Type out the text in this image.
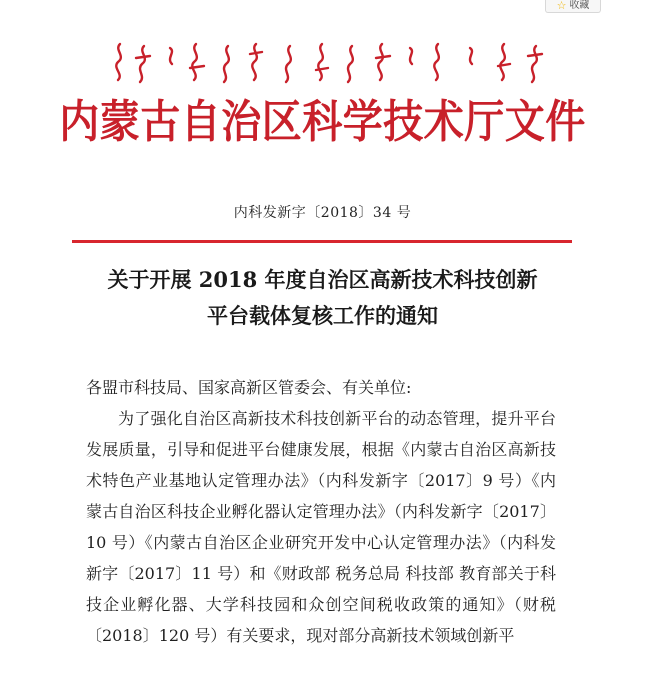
☆ 收藏
内蒙古自治区科学技术厅文件
内科发新字〔2018〕34 号
关于开展 2018 年度自治区高新技术科技创新
平台载体复核工作的通知

各盟市科技局、国家高新区管委会、有关单位:

为了强化自治区高新技术科技创新平台的动态管理，提升平台发展质量，引导和促进平台健康发展，根据《内蒙古自治区高新技术特色产业基地认定管理办法》（内科发新字〔2017〕9 号）《内蒙古自治区科技企业孵化器认定管理办法》（内科发新字〔2017〕10 号）《内蒙古自治区企业研究开发中心认定管理办法》（内科发新字〔2017〕11 号）和《财政部 税务总局 科技部 教育部关于科技企业孵化器、大学科技园和众创空间税收政策的通知》（财税〔2018〕120 号）有关要求，现对部分高新技术领域创新平
